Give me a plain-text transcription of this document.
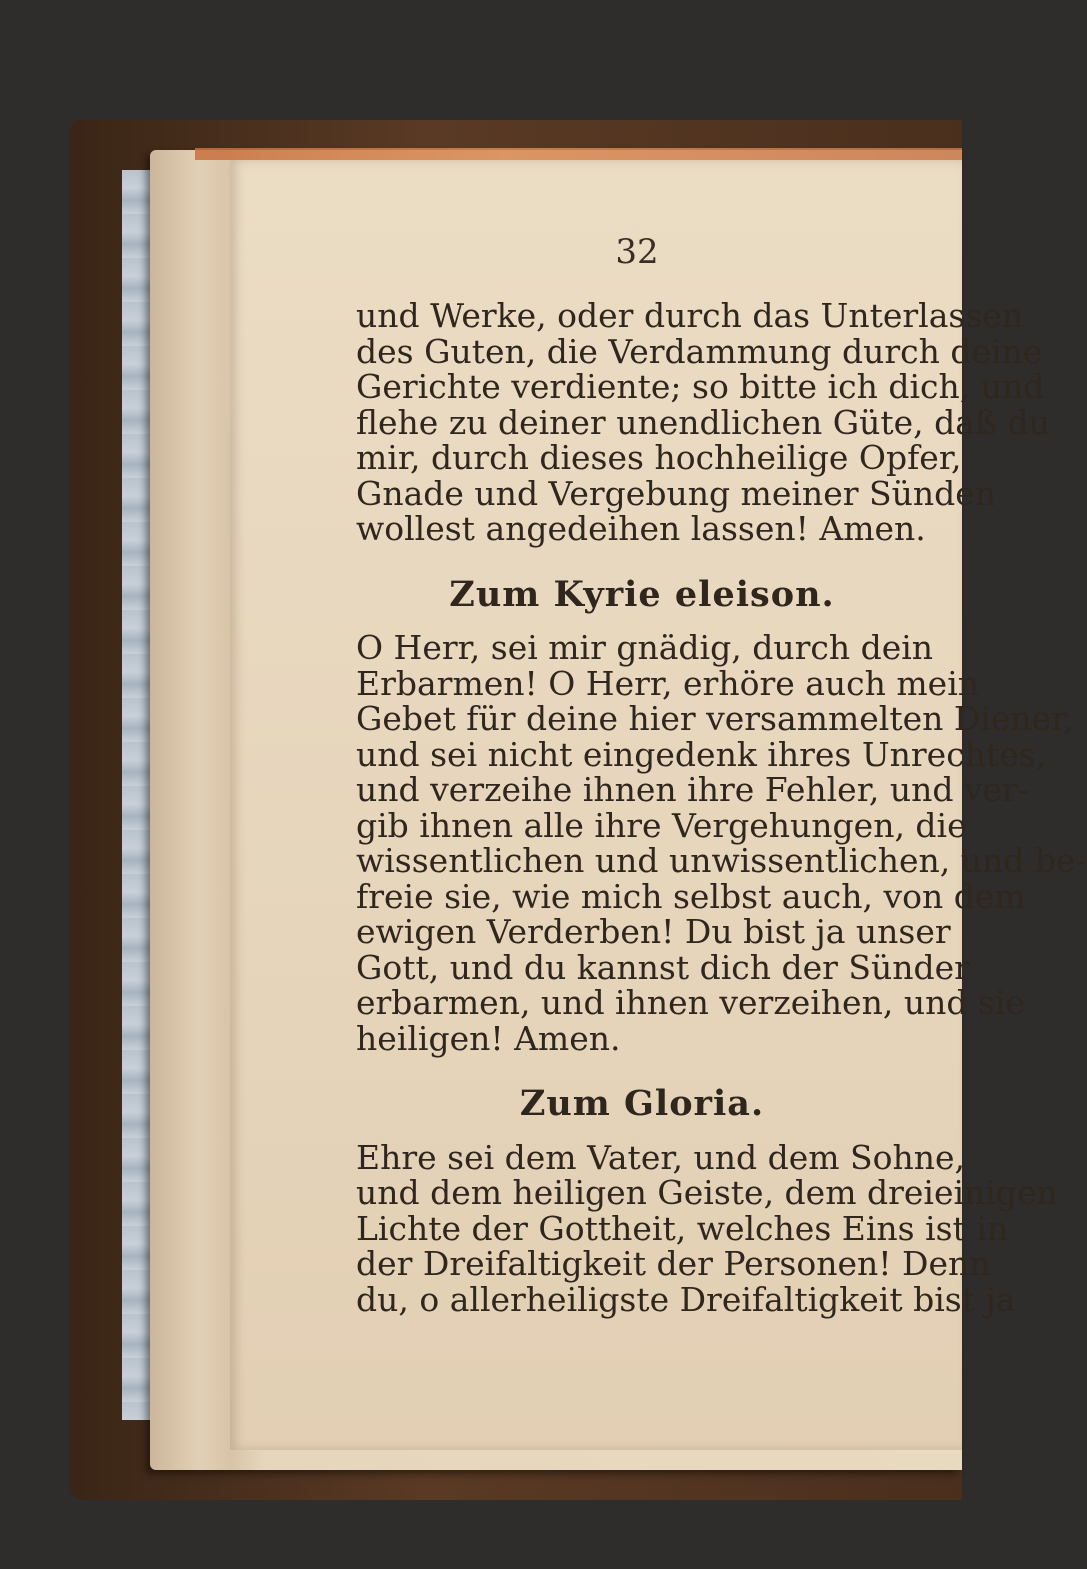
32
und Werke, oder durch das Unterlassen
des Guten, die Verdammung durch deine
Gerichte verdiente; so bitte ich dich, und
flehe zu deiner unendlichen Güte, daß du
mir, durch dieses hochheilige Opfer,
Gnade und Vergebung meiner Sünden
wollest angedeihen lassen! Amen.
Zum Kyrie eleison.
O Herr, sei mir gnädig, durch dein
Erbarmen! O Herr, erhöre auch mein
Gebet für deine hier versammelten Diener,
und sei nicht eingedenk ihres Unrechtes,
und verzeihe ihnen ihre Fehler, und ver-
gib ihnen alle ihre Vergehungen, die
wissentlichen und unwissentlichen, und be-
freie sie, wie mich selbst auch, von dem
ewigen Verderben! Du bist ja unser
Gott, und du kannst dich der Sünder
erbarmen, und ihnen verzeihen, und sie
heiligen! Amen.
Zum Gloria.
Ehre sei dem Vater, und dem Sohne,
und dem heiligen Geiste, dem dreieinigen
Lichte der Gottheit, welches Eins ist in
der Dreifaltigkeit der Personen! Denn
du, o allerheiligste Dreifaltigkeit bist ja
